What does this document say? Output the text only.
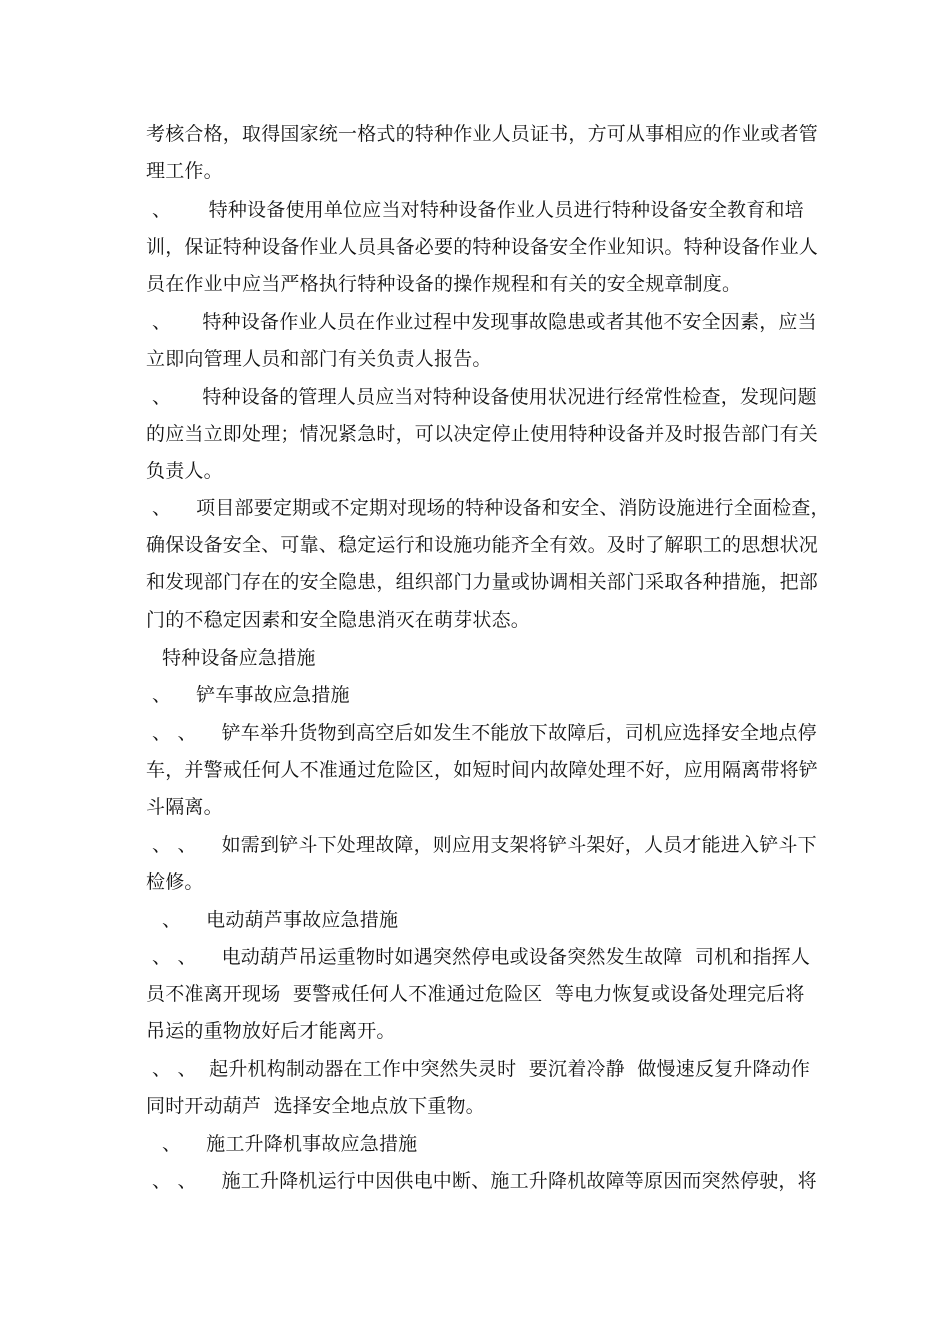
考核合格，取得国家统一格式的特种作业人员证书，方可从事相应的作业或者管
理工作。
、      特种设备使用单位应当对特种设备作业人员进行特种设备安全教育和培
训，保证特种设备作业人员具备必要的特种设备安全作业知识。特种设备作业人
员在作业中应当严格执行特种设备的操作规程和有关的安全规章制度。
、     特种设备作业人员在作业过程中发现事故隐患或者其他不安全因素，应当
立即向管理人员和部门有关负责人报告。
、     特种设备的管理人员应当对特种设备使用状况进行经常性检查，发现问题
的应当立即处理；情况紧急时，可以决定停止使用特种设备并及时报告部门有关
负责人。
、    项目部要定期或不定期对现场的特种设备和安全、消防设施进行全面检查，
确保设备安全、可靠、稳定运行和设施功能齐全有效。及时了解职工的思想状况
和发现部门存在的安全隐患，组织部门力量或协调相关部门采取各种措施，把部
门的不稳定因素和安全隐患消灭在萌芽状态。
特种设备应急措施
、    铲车事故应急措施
、 、    铲车举升货物到高空后如发生不能放下故障后，司机应选择安全地点停
车，并警戒任何人不准通过危险区，如短时间内故障处理不好，应用隔离带将铲
斗隔离。
、 、    如需到铲斗下处理故障，则应用支架将铲斗架好，人员才能进入铲斗下
检修。
、    电动葫芦事故应急措施
、 、    电动葫芦吊运重物时如遇突然停电或设备突然发生故障  司机和指挥人
员不准离开现场  要警戒任何人不准通过危险区  等电力恢复或设备处理完后将
吊运的重物放好后才能离开。
、 、  起升机构制动器在工作中突然失灵时  要沉着冷静  做慢速反复升降动作
同时开动葫芦  选择安全地点放下重物。
、    施工升降机事故应急措施
、 、    施工升降机运行中因供电中断、施工升降机故障等原因而突然停驶，将
